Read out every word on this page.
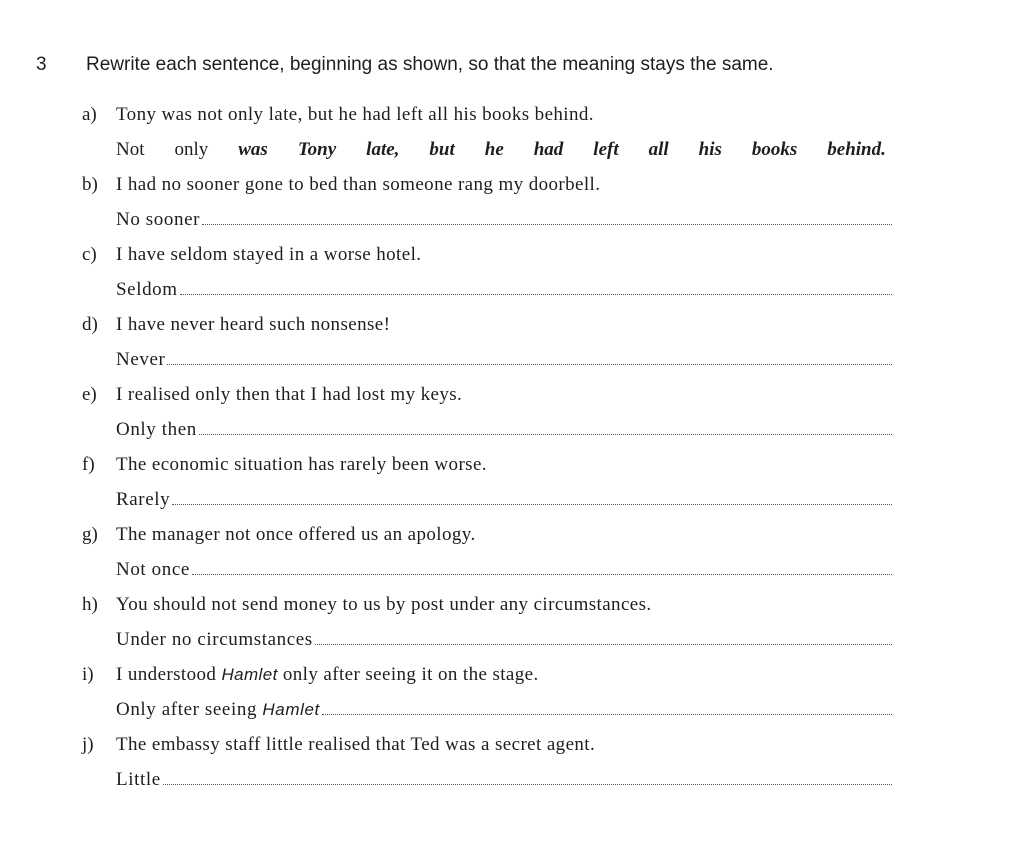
3 Rewrite each sentence, beginning as shown, so that the meaning stays the same.
a) Tony was not only late, but he had left all his books behind.
Not only was Tony late, but he had left all his books behind.
b) I had no sooner gone to bed than someone rang my doorbell.
No sooner
c) I have seldom stayed in a worse hotel.
Seldom
d) I have never heard such nonsense!
Never
e) I realised only then that I had lost my keys.
Only then
f) The economic situation has rarely been worse.
Rarely
g) The manager not once offered us an apology.
Not once
h) You should not send money to us by post under any circumstances.
Under no circumstances
i) I understood Hamlet only after seeing it on the stage.
Only after seeing Hamlet
j) The embassy staff little realised that Ted was a secret agent.
Little
